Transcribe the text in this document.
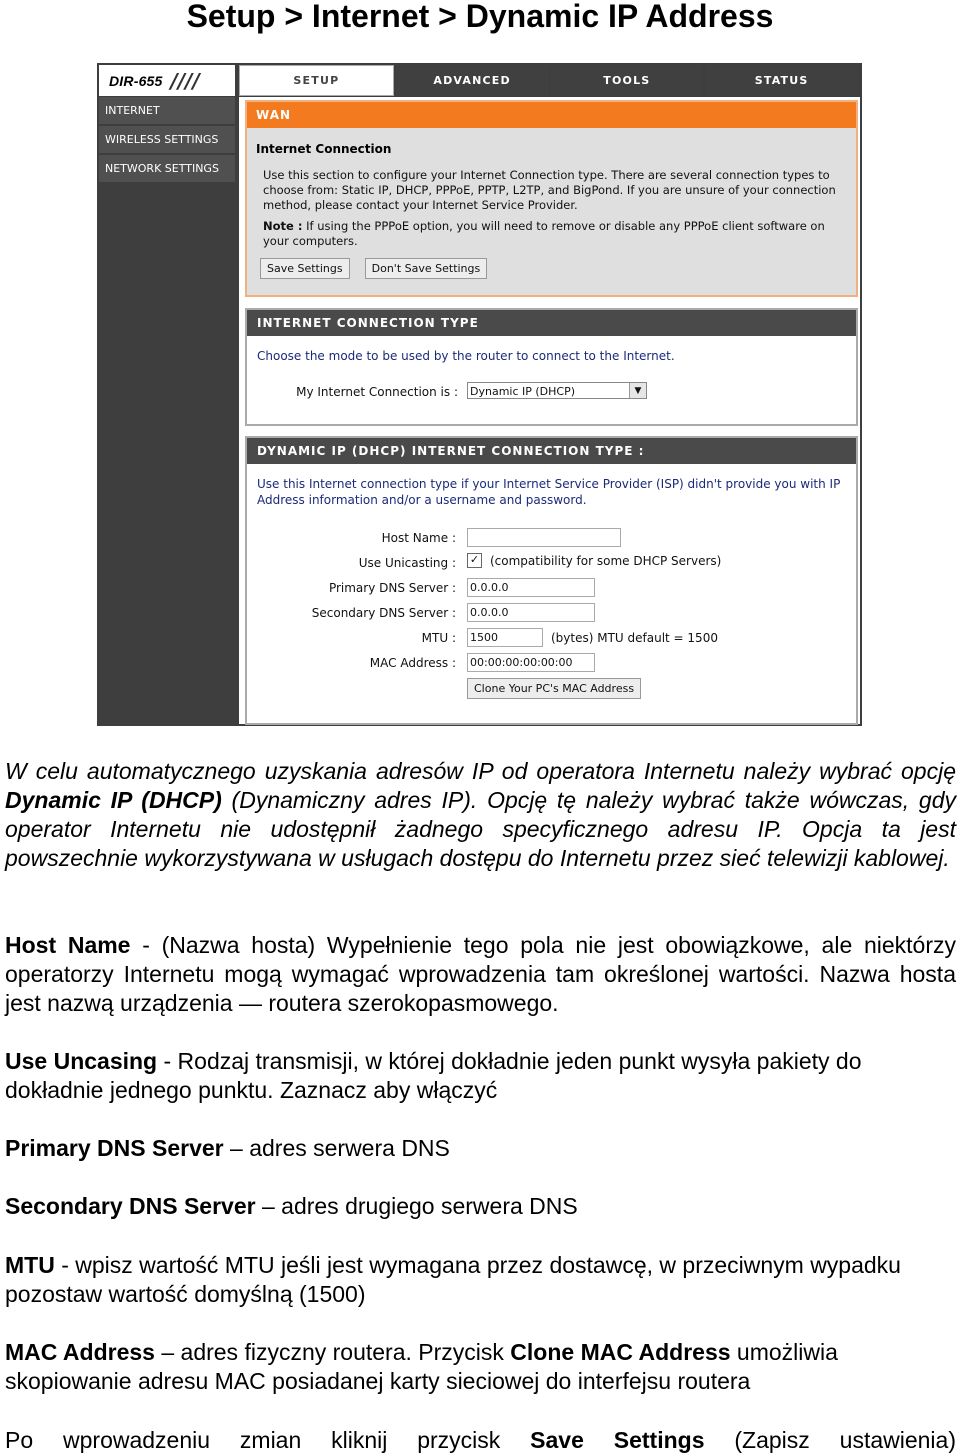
Setup > Internet > Dynamic IP Address
DIR-655 ////	SETUP	ADVANCED	TOOLS	STATUS
INTERNET
WIRELESS SETTINGS
NETWORK SETTINGS
WAN
Internet Connection
Use this section to configure your Internet Connection type. There are several connection types to choose from: Static IP, DHCP, PPPoE, PPTP, L2TP, and BigPond. If you are unsure of your connection method, please contact your Internet Service Provider.
Note : If using the PPPoE option, you will need to remove or disable any PPPoE client software on your computers.
Save Settings	Don't Save Settings
INTERNET CONNECTION TYPE
Choose the mode to be used by the router to connect to the Internet.
My Internet Connection is : Dynamic IP (DHCP)	▼
DYNAMIC IP (DHCP) INTERNET CONNECTION TYPE :
Use this Internet connection type if your Internet Service Provider (ISP) didn't provide you with IP Address information and/or a username and password.
Host Name :
Use Unicasting : ✓ (compatibility for some DHCP Servers)
Primary DNS Server : 0.0.0.0
Secondary DNS Server : 0.0.0.0
MTU : 1500	(bytes) MTU default = 1500
MAC Address : 00:00:00:00:00:00
Clone Your PC's MAC Address

W celu automatycznego uzyskania adresów IP od operatora Internetu należy wybrać opcję Dynamic IP (DHCP) (Dynamiczny adres IP). Opcję tę należy wybrać także wówczas, gdy operator Internetu nie udostępnił żadnego specyficznego adresu IP. Opcja ta jest powszechnie wykorzystywana w usługach dostępu do Internetu przez sieć telewizji kablowej.

Host Name - (Nazwa hosta) Wypełnienie tego pola nie jest obowiązkowe, ale niektórzy operatorzy Internetu mogą wymagać wprowadzenia tam określonej wartości. Nazwa hosta jest nazwą urządzenia — routera szerokopasmowego.

Use Uncasing - Rodzaj transmisji, w której dokładnie jeden punkt wysyła pakiety do dokładnie jednego punktu. Zaznacz aby włączyć

Primary DNS Server – adres serwera DNS

Secondary DNS Server – adres drugiego serwera DNS

MTU - wpisz wartość MTU jeśli jest wymagana przez dostawcę, w przeciwnym wypadku pozostaw wartość domyślną (1500)

MAC Address – adres fizyczny routera. Przycisk Clone MAC Address umożliwia skopiowanie adresu MAC posiadanej karty sieciowej do interfejsu routera

Po wprowadzeniu zmian kliknij przycisk Save Settings (Zapisz ustawienia)
